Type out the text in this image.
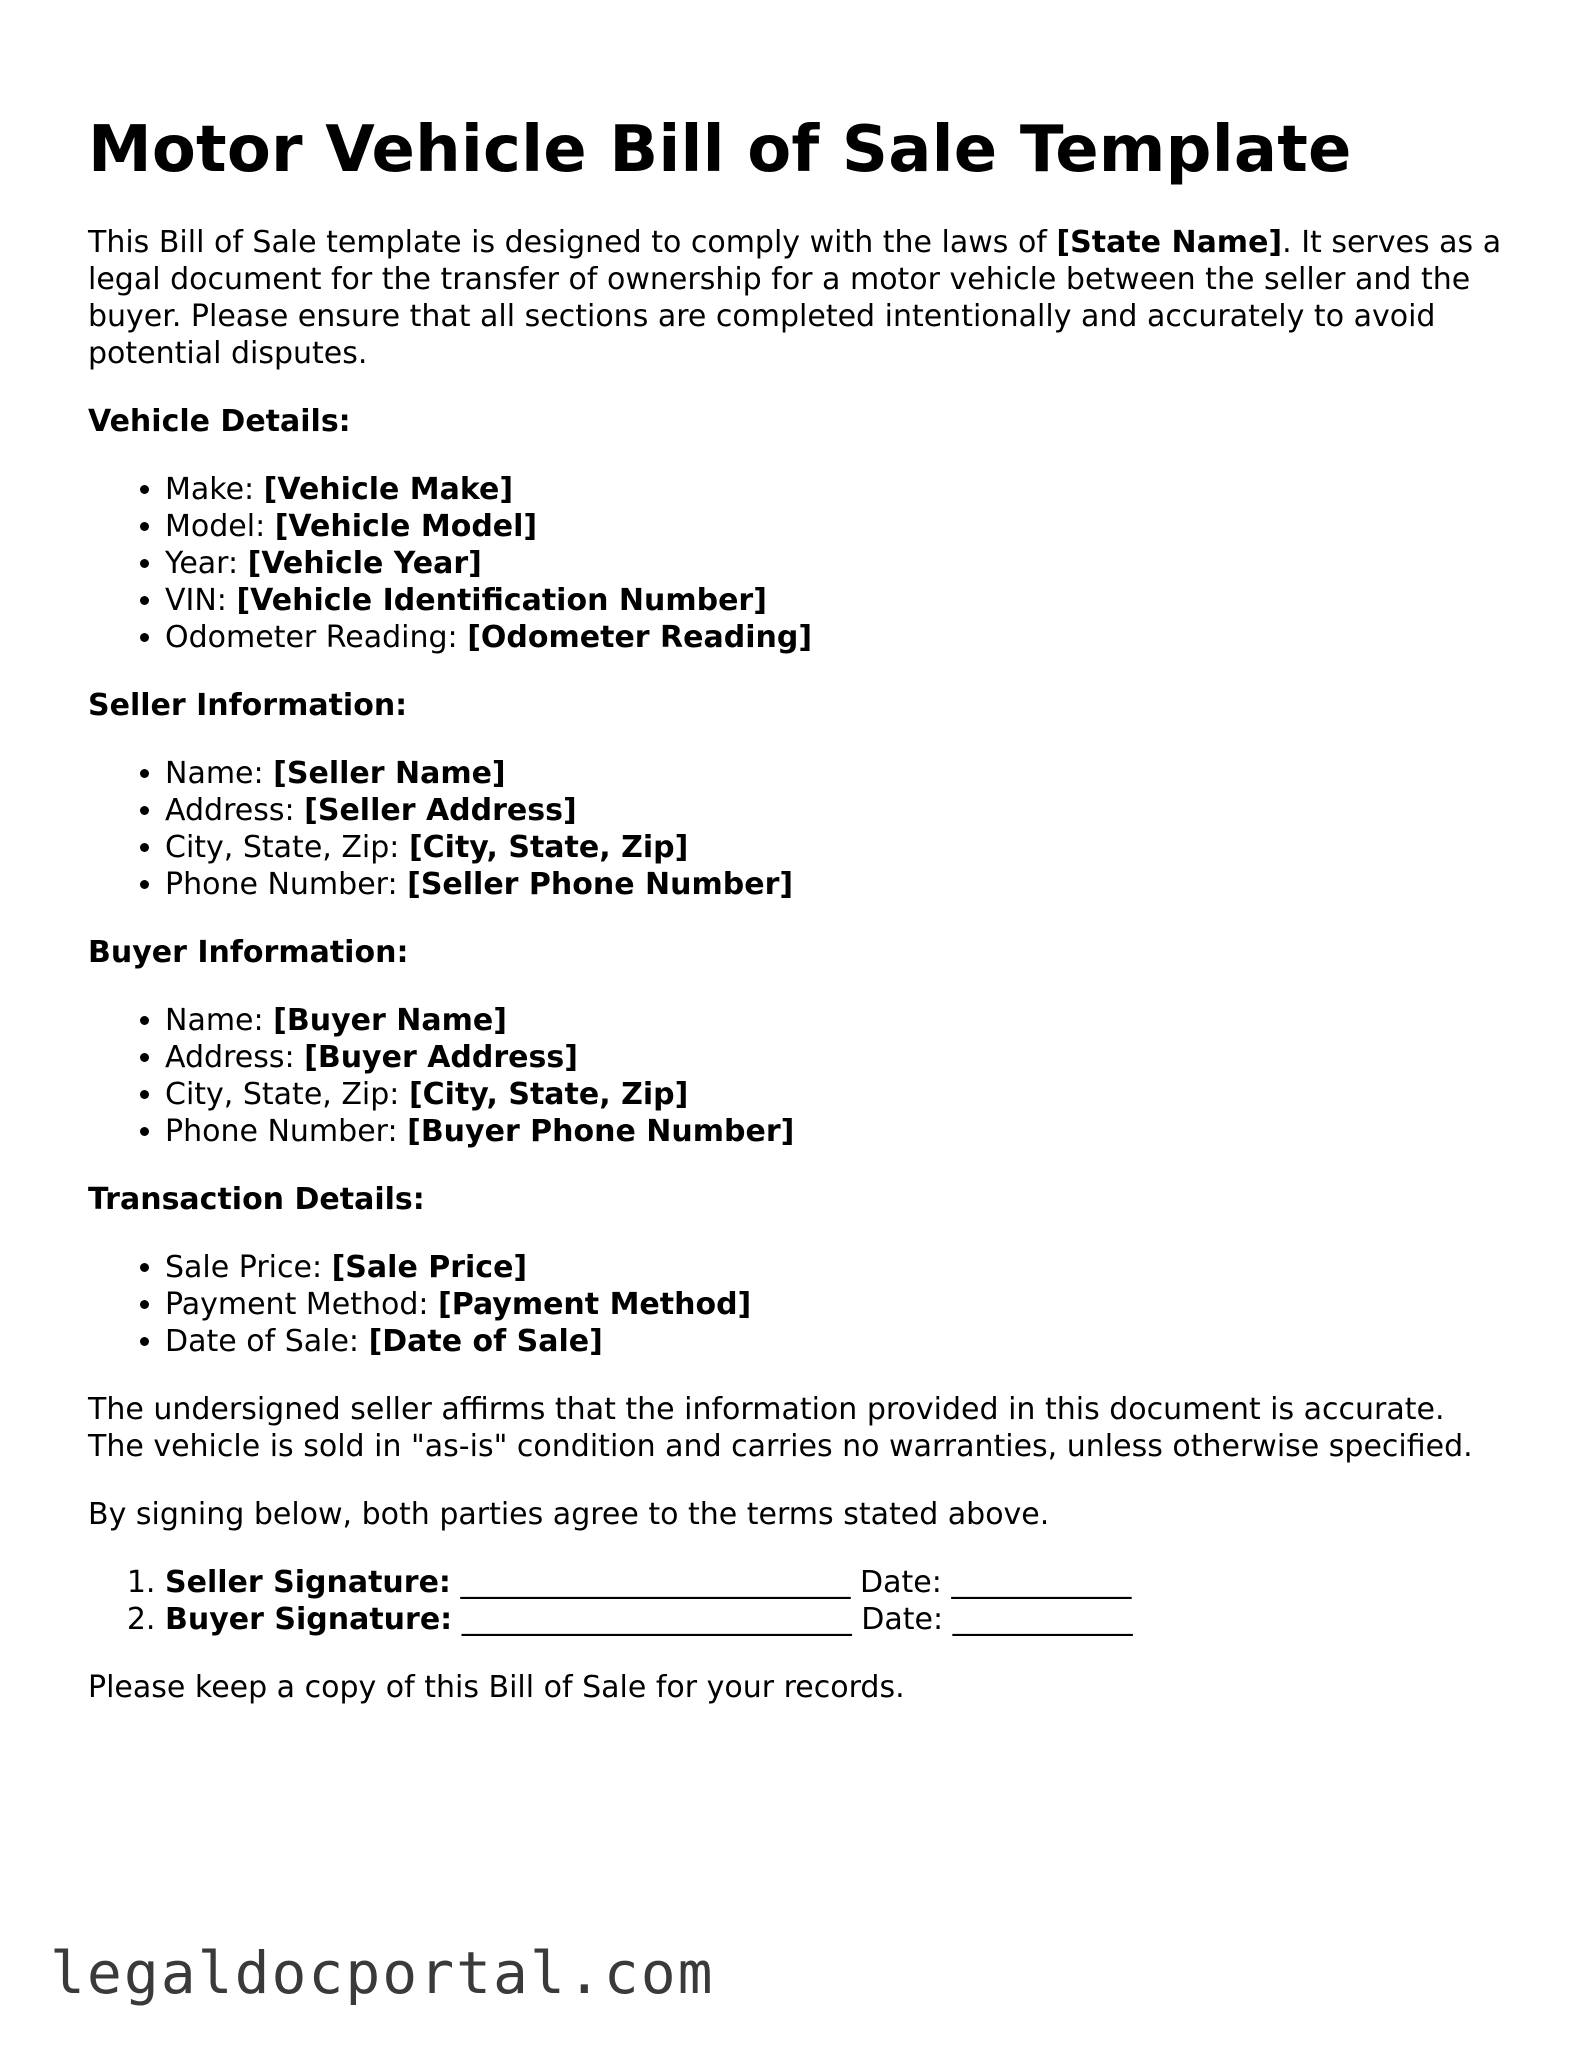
Motor Vehicle Bill of Sale Template

This Bill of Sale template is designed to comply with the laws of [State Name]. It serves as a legal document for the transfer of ownership for a motor vehicle between the seller and the buyer. Please ensure that all sections are completed intentionally and accurately to avoid potential disputes.

Vehicle Details:
• Make: [Vehicle Make]
• Model: [Vehicle Model]
• Year: [Vehicle Year]
• VIN: [Vehicle Identification Number]
• Odometer Reading: [Odometer Reading]
Seller Information:
• Name: [Seller Name]
• Address: [Seller Address]
• City, State, Zip: [City, State, Zip]
• Phone Number: [Seller Phone Number]
Buyer Information:
• Name: [Buyer Name]
• Address: [Buyer Address]
• City, State, Zip: [City, State, Zip]
• Phone Number: [Buyer Phone Number]
Transaction Details:
• Sale Price: [Sale Price]
• Payment Method: [Payment Method]
• Date of Sale: [Date of Sale]

The undersigned seller affirms that the information provided in this document is accurate. The vehicle is sold in "as-is" condition and carries no warranties, unless otherwise specified.

By signing below, both parties agree to the terms stated above.

1. Seller Signature: __________________________ Date: ____________
2. Buyer Signature: __________________________ Date: ____________

Please keep a copy of this Bill of Sale for your records.

legaldocportal.com
